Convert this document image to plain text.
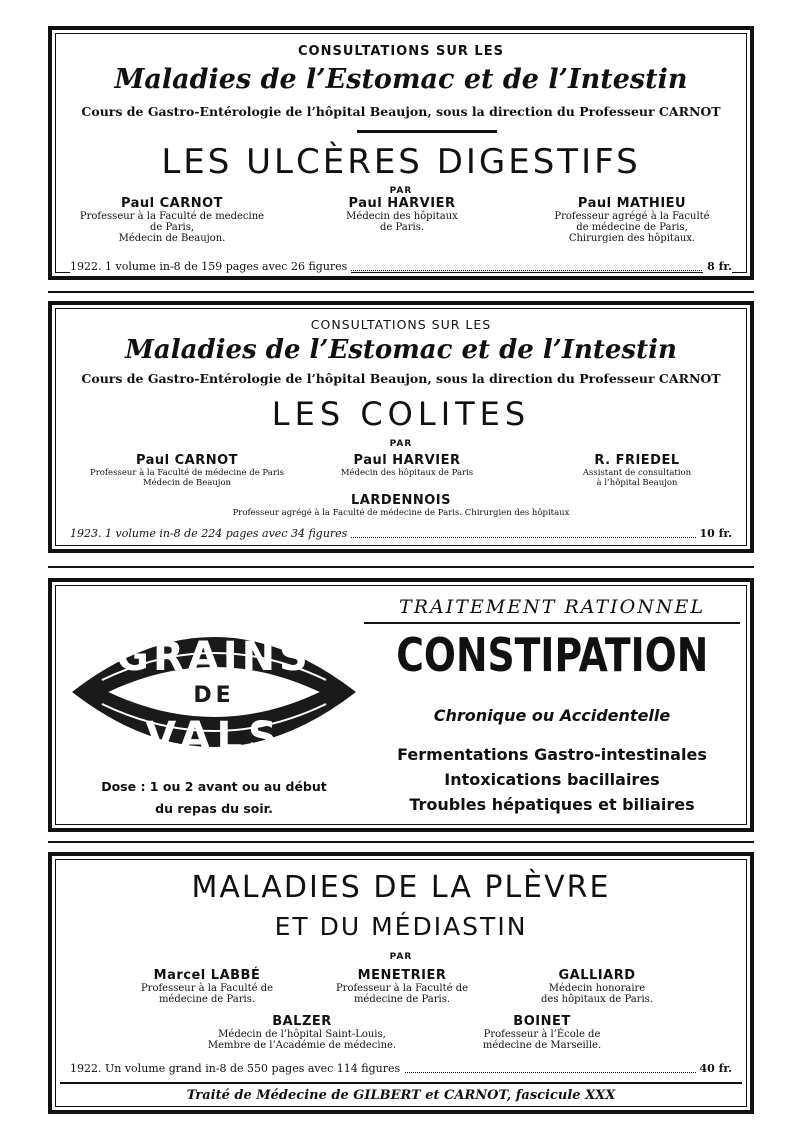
CONSULTATIONS SUR LES
Maladies de l’Estomac et de l’Intestin
Cours de Gastro-Entérologie de l’hôpital Beaujon, sous la direction du Professeur CARNOT
LES ULCÈRES DIGESTIFS
PAR
Paul CARNOT
Professeur à la Faculté de medecine
de Paris,
Médecin de Beaujon.
Paul HARVIER
Médecin des hôpitaux
de Paris.
Paul MATHIEU
Professeur agrégé à la Faculté
de médecine de Paris,
Chirurgien des hôpitaux.
1922. 1 volume in-8 de 159 pages avec 26 figures	8 fr.
CONSULTATIONS SUR LES
Maladies de l’Estomac et de l’Intestin
Cours de Gastro-Entérologie de l’hôpital Beaujon, sous la direction du Professeur CARNOT
LES COLITES
PAR
Paul CARNOT
Professeur à la Faculté de médecine de Paris
Médecin de Beaujon
Paul HARVIER
Médecin des hôpitaux de Paris
R. FRIEDEL
Assistant de consultation
à l’hôpital Beaujon
LARDENNOIS
Professeur agrégé à la Faculté de médecine de Paris. Chirurgien des hôpitaux
1923. 1 volume in-8 de 224 pages avec 34 figures	10 fr.
GRAINS
DE
VALS
•	•
Dose : 1 ou 2 avant ou au début
du repas du soir.
TRAITEMENT RATIONNEL
CONSTIPATION
Chronique ou Accidentelle
Fermentations Gastro-intestinales
Intoxications bacillaires
Troubles hépatiques et biliaires
MALADIES DE LA PLÈVRE
ET DU MÉDIASTIN
PAR
Marcel LABBÉ
Professeur à la Faculté de
médecine de Paris.
MENETRIER
Professeur à la Faculté de
médecine de Paris.
GALLIARD
Médecin honoraire
des hôpitaux de Paris.
BALZER
Médecin de l’hôpital Saint-Louis,
Membre de l’Académie de médecine.
BOINET
Professeur à l’École de
médecine de Marseille.
1922. Un volume grand in-8 de 550 pages avec 114 figures	40 fr.
Traité de Médecine de GILBERT et CARNOT, fascicule XXX
